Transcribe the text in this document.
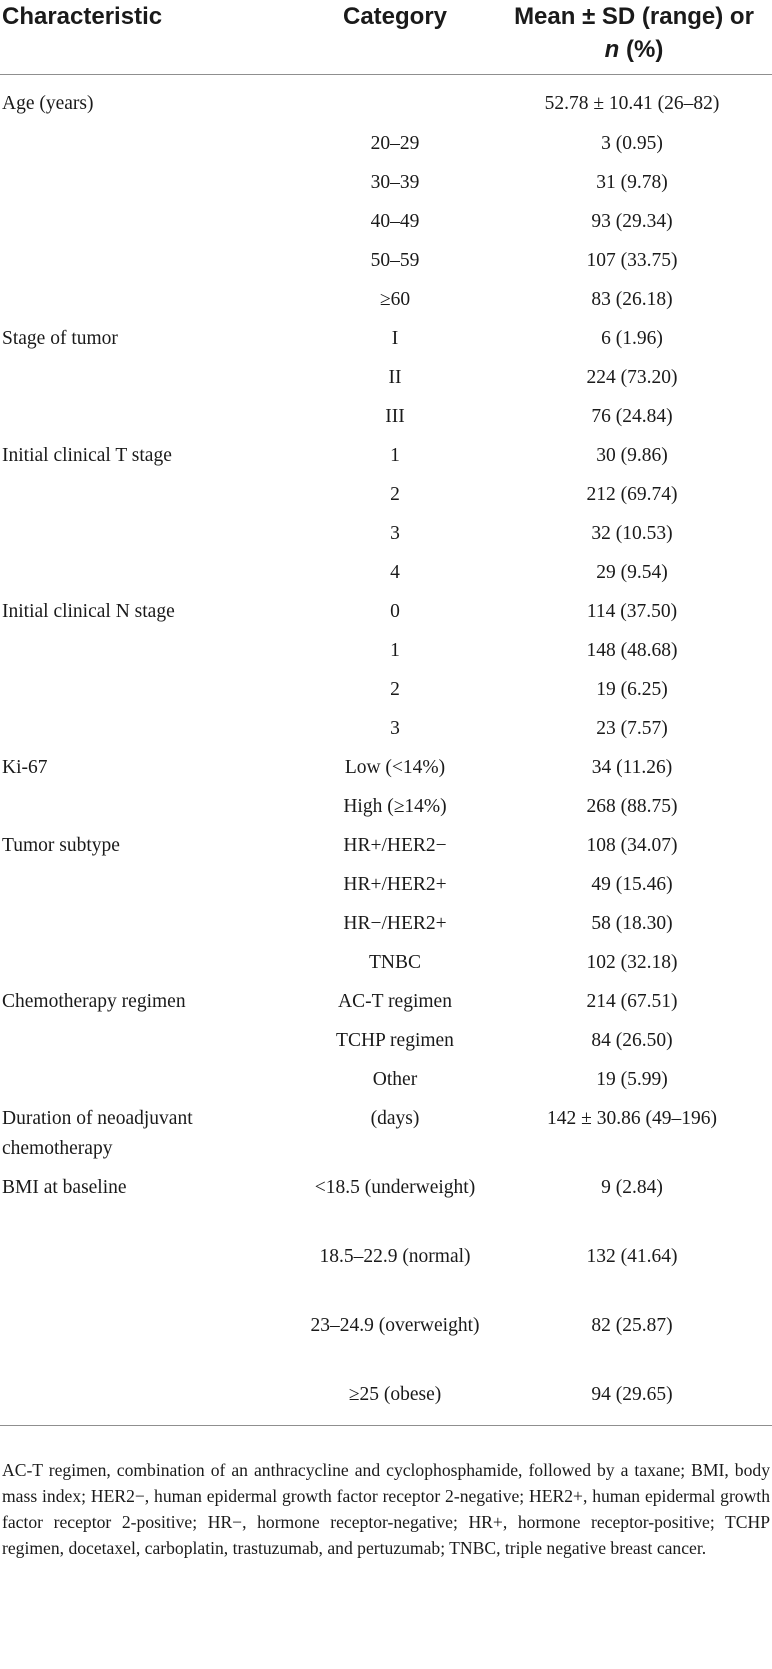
Characteristic	Category	Mean ± SD (range) or
n (%)
Age (years)		52.78 ± 10.41 (26–82)
	20–29	3 (0.95)
	30–39	31 (9.78)
	40–49	93 (29.34)
	50–59	107 (33.75)
	≥60	83 (26.18)
Stage of tumor	I	6 (1.96)
	II	224 (73.20)
	III	76 (24.84)
Initial clinical T stage	1	30 (9.86)
	2	212 (69.74)
	3	32 (10.53)
	4	29 (9.54)
Initial clinical N stage	0	114 (37.50)
	1	148 (48.68)
	2	19 (6.25)
	3	23 (7.57)
Ki-67	Low (<14%)	34 (11.26)
	High (≥14%)	268 (88.75)
Tumor subtype	HR+/HER2−	108 (34.07)
	HR+/HER2+	49 (15.46)
	HR−/HER2+	58 (18.30)
	TNBC	102 (32.18)
Chemotherapy regimen	AC-T regimen	214 (67.51)
	TCHP regimen	84 (26.50)
	Other	19 (5.99)
Duration of neoadjuvant chemotherapy	(days)	142 ± 30.86 (49–196)
BMI at baseline	<18.5 (underweight)	9 (2.84)
	18.5–22.9 (normal)	132 (41.64)
	23–24.9 (overweight)	82 (25.87)
	≥25 (obese)	94 (29.65)

AC-T regimen, combination of an anthracycline and cyclophosphamide, followed by a taxane; BMI, body mass index; HER2−, human epidermal growth factor receptor 2-negative; HER2+, human epidermal growth factor receptor 2-positive; HR−, hormone receptor-negative; HR+, hormone receptor-positive; TCHP regimen, docetaxel, carboplatin, trastuzumab, and pertuzumab; TNBC, triple negative breast cancer.
